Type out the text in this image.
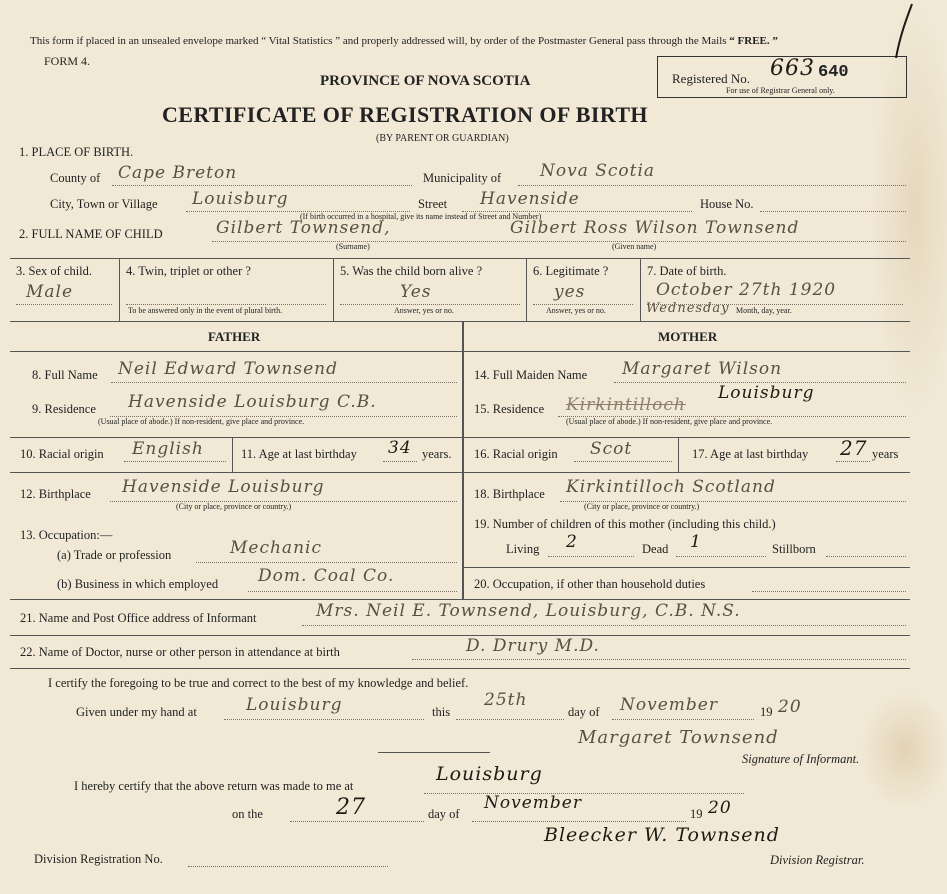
This form if placed in an unsealed envelope marked “ Vital Statistics ” and properly addressed will, by order of the Postmaster General pass through the Mails “ FREE. ”
FORM 4.
PROVINCE OF NOVA SCOTIA
CERTIFICATE OF REGISTRATION OF BIRTH
(BY PARENT OR GUARDIAN)
Registered No. 663 640
For use of Registrar General only.
1. PLACE OF BIRTH.
County of Cape Breton	Municipality of Nova Scotia
City, Town or Village Louisburg	Street Havenside	House No.
(If birth occurred in a hospital, give its name instead of Street and Number)
2. FULL NAME OF CHILD	Gilbert Townsend,	Gilbert Ross Wilson Townsend
(Surname)	(Given name)
3. Sex of child.
Male
4. Twin, triplet or other ?
To be answered only in the event of plural birth.
5. Was the child born alive ?
Yes
Answer, yes or no.
6. Legitimate ?
yes
Answer, yes or no.
7. Date of birth.
October 27th 1920
Wednesday Month, day, year.
FATHER	MOTHER
8. Full Name Neil Edward Townsend
9. Residence Havenside Louisburg C.B.
(Usual place of abode.) If non-resident, give place and province.
10. Racial origin English	11. Age at last birthday 34 years.
12. Birthplace Havenside Louisburg
(City or place, province or country.)
13. Occupation:—
(a) Trade or profession	Mechanic
(b) Business in which employed Dom. Coal Co.
14. Full Maiden Name Margaret Wilson
15. Residence Kirkintilloch
Louisburg
(Usual place of abode.) If non-resident, give place and province.
16. Racial origin Scot	17. Age at last birthday 27 years
18. Birthplace Kirkintilloch Scotland
(City or place, province or country.)
19. Number of children of this mother (including this child.)
Living 2	Dead 1	Stillborn
20. Occupation, if other than household duties
21. Name and Post Office address of Informant	Mrs. Neil E. Townsend, Louisburg, C.B. N.S.
22. Name of Doctor, nurse or other person in attendance at birth	D. Drury M.D.
I certify the foregoing to be true and correct to the best of my knowledge and belief.
Given under my hand at	Louisburg	this
25th
day of November	19 20
Margaret Townsend
Signature of Informant.
I hereby certify that the above return was made to me at
Louisburg
on the	27	day of
November
19 20
Bleecker W. Townsend
Division Registration No.	Division Registrar.
